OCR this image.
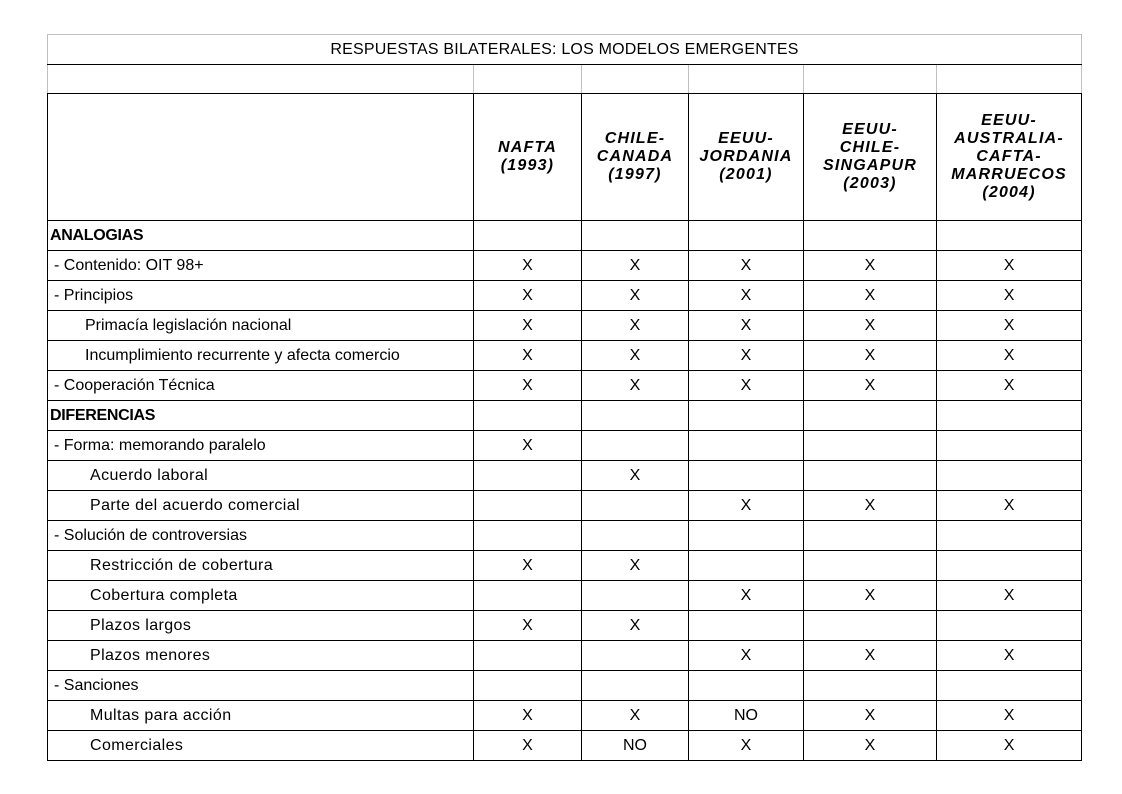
RESPUESTAS BILATERALES: LOS MODELOS EMERGENTES					

	NAFTA
(1993)	CHILE-
CANADA
(1997)	EEUU-
JORDANIA
(2001)	EEUU-
CHILE-
SINGAPUR
(2003)	EEUU-
AUSTRALIA-
CAFTA-
MARRUECOS
(2004)
ANALOGIAS					
- Contenido: OIT 98+	X	X	X	X	X
- Principios	X	X	X	X	X
Primacía legislación nacional	X	X	X	X	X
Incumplimiento recurrente y afecta comercio	X	X	X	X	X
- Cooperación Técnica	X	X	X	X	X
DIFERENCIAS					
- Forma: memorando paralelo	X				
Acuerdo laboral		X			
Parte del acuerdo comercial			X	X	X
- Solución de controversias					
Restricción de cobertura	X	X			
Cobertura completa			X	X	X
Plazos largos	X	X			
Plazos menores			X	X	X
- Sanciones					
Multas para acción	X	X	NO	X	X
Comerciales	X	NO	X	X	X
